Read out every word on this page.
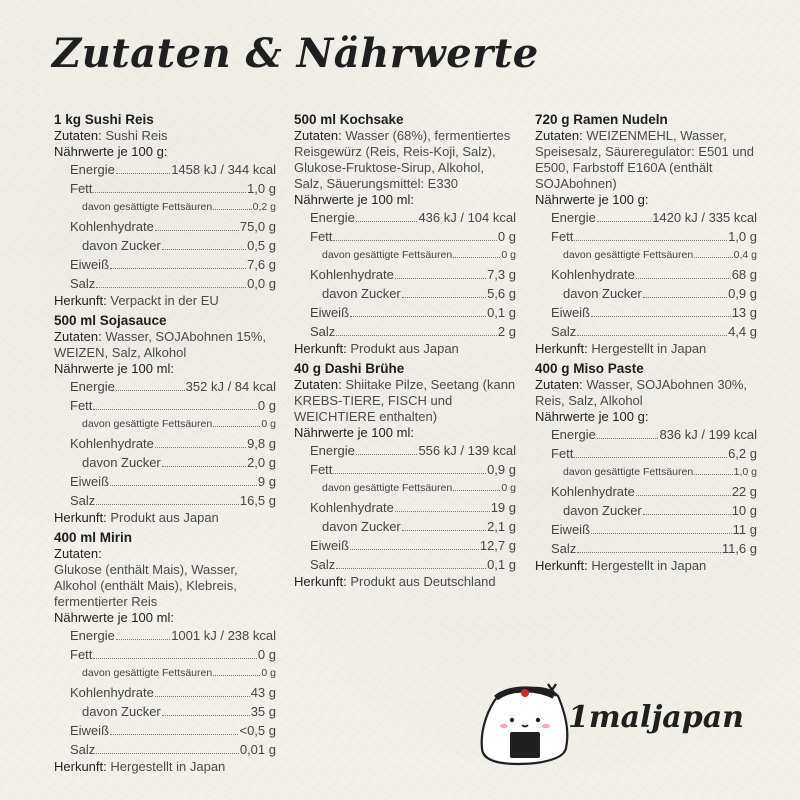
Zutaten & Nährwerte
1 kg Sushi Reis
Zutaten: Sushi Reis
Nährwerte je 100 g:
Energie	1458 kJ / 344 kcal
Fett	1,0 g
davon gesättigte Fettsäuren	0,2 g
Kohlenhydrate	75,0 g
davon Zucker	0,5 g
Eiweiß	7,6 g
Salz	0,0 g
Herkunft: Verpackt in der EU
500 ml Sojasauce
Zutaten: Wasser, SOJAbohnen 15%, WEIZEN, Salz, Alkohol
Nährwerte je 100 ml:
Energie	352 kJ / 84 kcal
Fett	0 g
davon gesättigte Fettsäuren	0 g
Kohlenhydrate	9,8 g
davon Zucker	2,0 g
Eiweiß	9 g
Salz	16,5 g
Herkunft: Produkt aus Japan
400 ml Mirin
Zutaten:
Glukose (enthält Mais), Wasser, Alkohol (enthält Mais), Klebreis, fermentierter Reis
Nährwerte je 100 ml:
Energie	1001 kJ / 238 kcal
Fett	0 g
davon gesättigte Fettsäuren	0 g
Kohlenhydrate	43 g
davon Zucker	35 g
Eiweiß	<0,5 g
Salz	0,01 g
Herkunft: Hergestellt in Japan
500 ml Kochsake
Zutaten: Wasser (68%), fermentiertes Reisgewürz (Reis, Reis-Koji, Salz), Glukose-Fruktose-Sirup, Alkohol, Salz, Säuerungsmittel: E330
Nährwerte je 100 ml:
Energie	436 kJ / 104 kcal
Fett	0 g
davon gesättigte Fettsäuren	0 g
Kohlenhydrate	7,3 g
davon Zucker	5,6 g
Eiweiß	0,1 g
Salz	2 g
Herkunft: Produkt aus Japan
40 g Dashi Brühe
Zutaten: Shiitake Pilze, Seetang (kann KREBS-TIERE, FISCH und WEICHTIERE enthalten)
Nährwerte je 100 ml:
Energie	556 kJ / 139 kcal
Fett	0,9 g
davon gesättigte Fettsäuren	0 g
Kohlenhydrate	19 g
davon Zucker	2,1 g
Eiweiß	12,7 g
Salz	0,1 g
Herkunft: Produkt aus Deutschland
720 g Ramen Nudeln
Zutaten: WEIZENMEHL, Wasser, Speisesalz, Säureregulator: E501 und E500, Farbstoff E160A (enthält SOJAbohnen)
Nährwerte je 100 g:
Energie	1420 kJ / 335 kcal
Fett	1,0 g
davon gesättigte Fettsäuren	0,4 g
Kohlenhydrate	68 g
davon Zucker	0,9 g
Eiweiß	13 g
Salz	4,4 g
Herkunft: Hergestellt in Japan
400 g Miso Paste
Zutaten: Wasser, SOJAbohnen 30%, Reis, Salz, Alkohol
Nährwerte je 100 g:
Energie	836 kJ / 199 kcal
Fett	6,2 g
davon gesättigte Fettsäuren	1,0 g
Kohlenhydrate	22 g
davon Zucker	10 g
Eiweiß	11 g
Salz	11,6 g
Herkunft: Hergestellt in Japan
1maljapan
